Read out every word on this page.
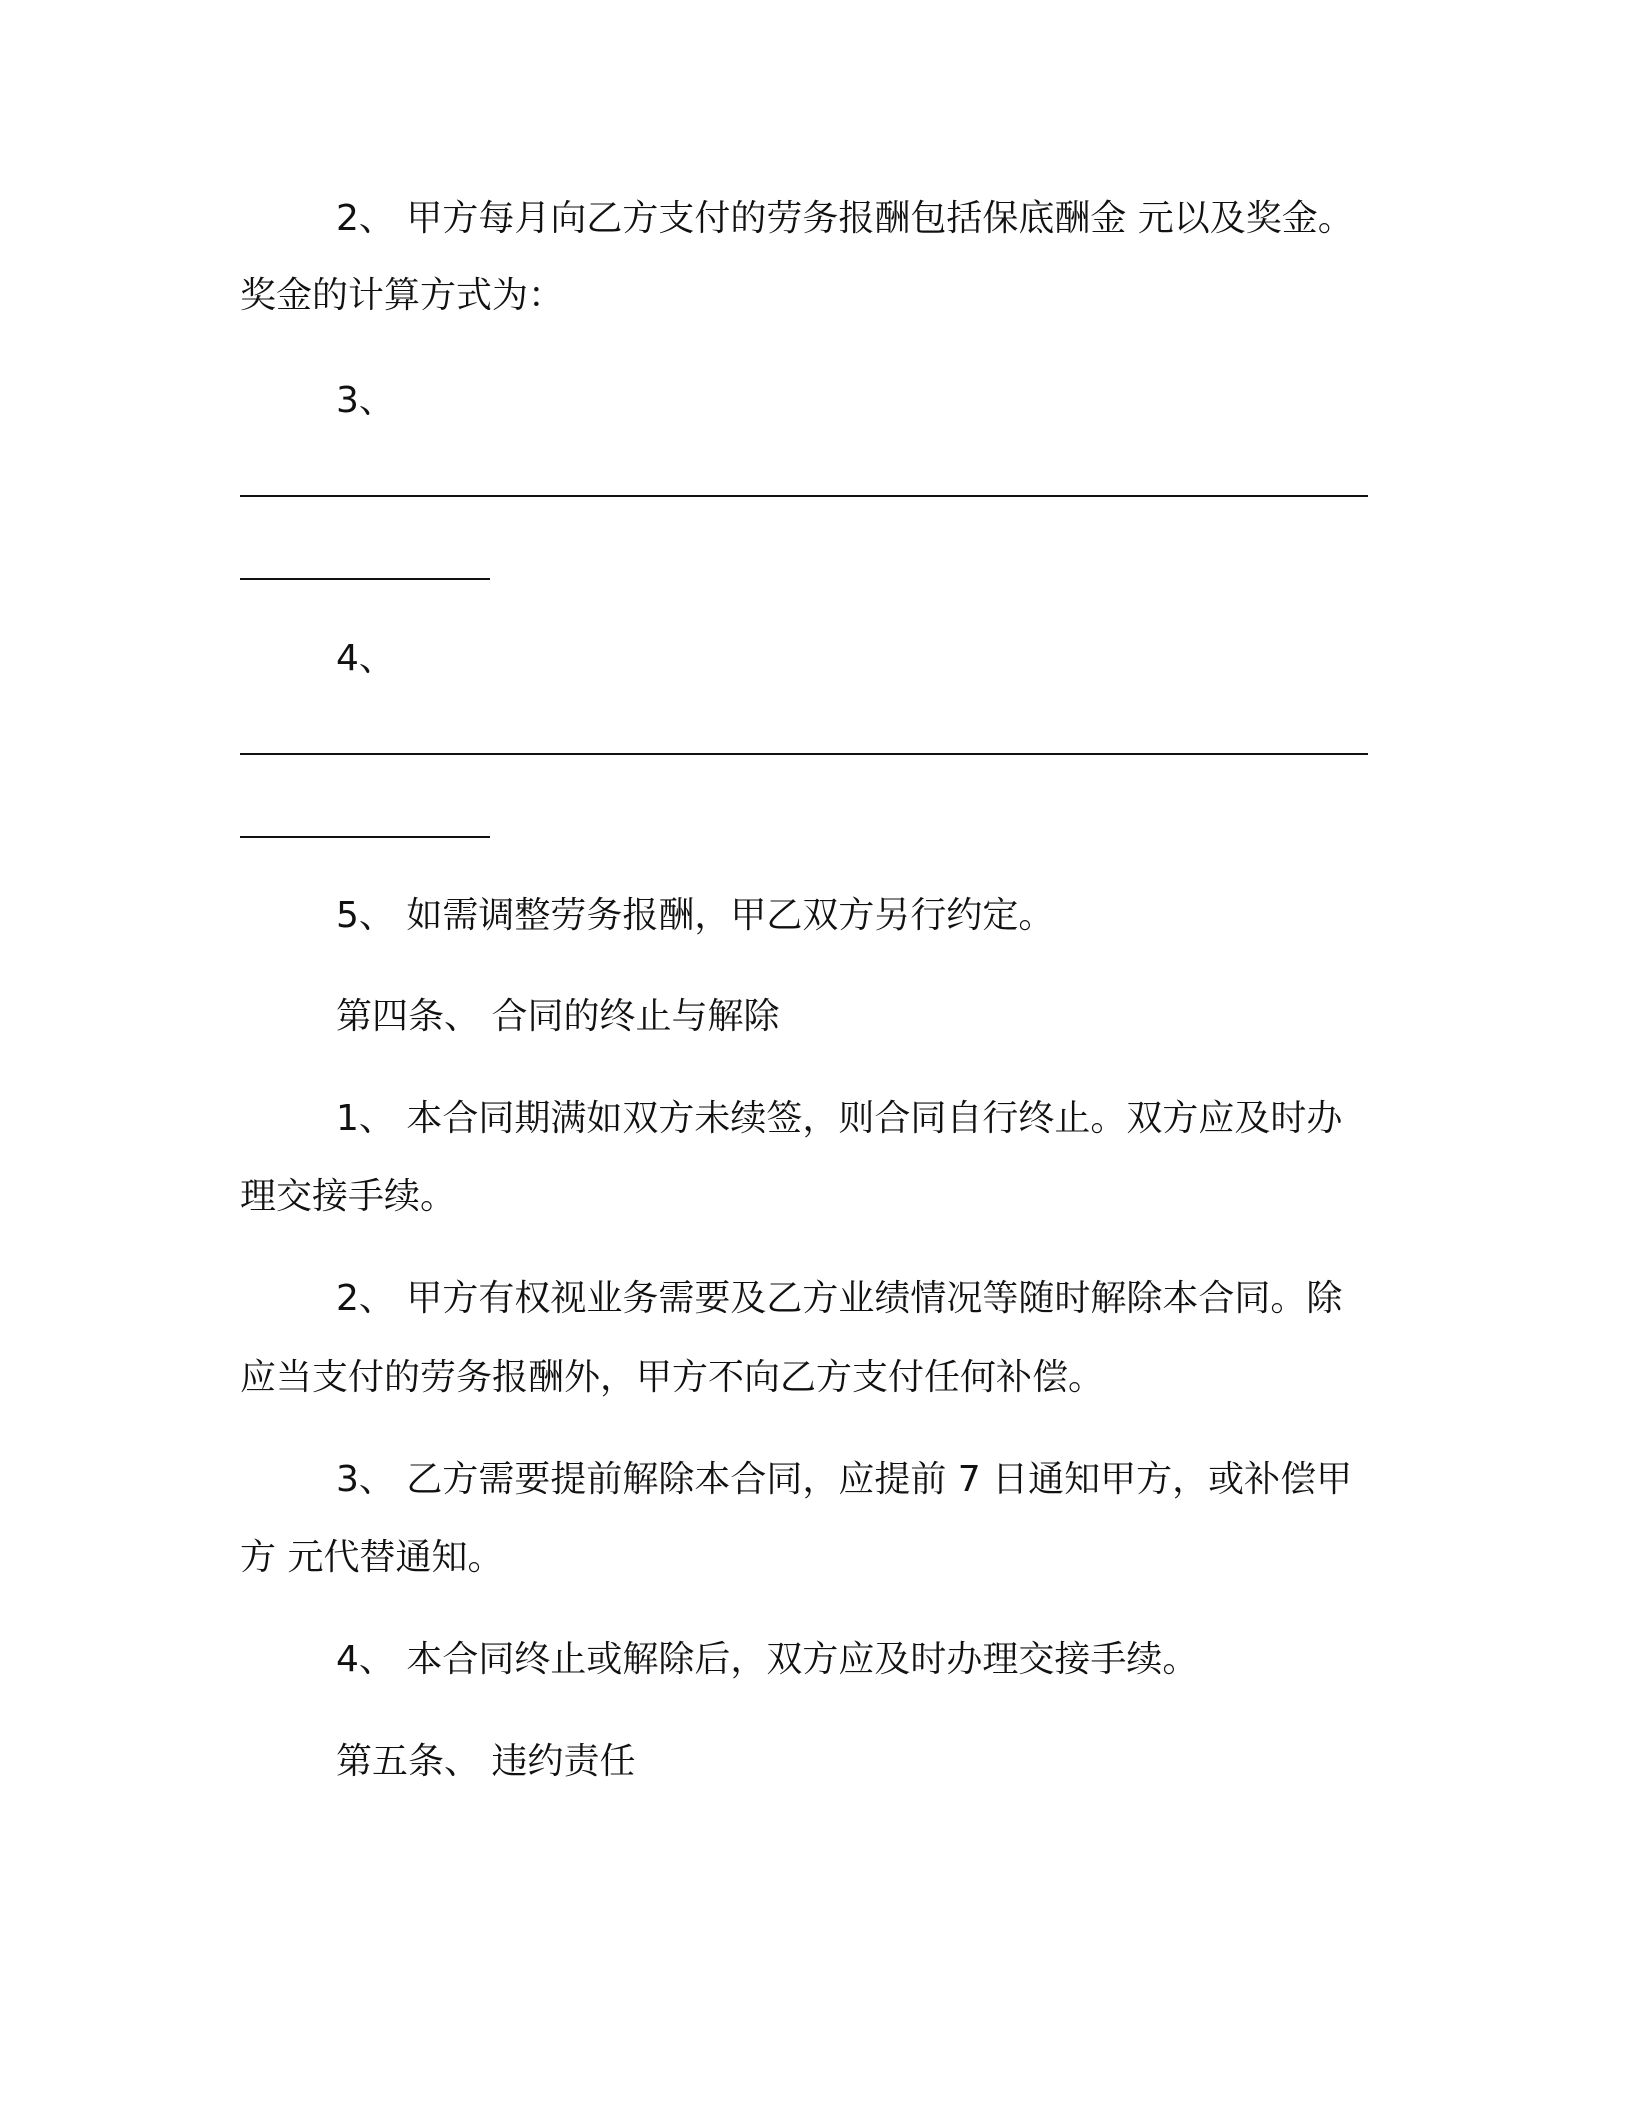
2、 甲方每月向乙方支付的劳务报酬包括保底酬金 元以及奖金。
奖金的计算方式为：
3、
4、
5、 如需调整劳务报酬，甲乙双方另行约定。
第四条、 合同的终止与解除
1、 本合同期满如双方未续签，则合同自行终止。双方应及时办
理交接手续。
2、 甲方有权视业务需要及乙方业绩情况等随时解除本合同。除
应当支付的劳务报酬外，甲方不向乙方支付任何补偿。
3、 乙方需要提前解除本合同，应提前 7 日通知甲方，或补偿甲
方 元代替通知。
4、 本合同终止或解除后，双方应及时办理交接手续。
第五条、 违约责任
